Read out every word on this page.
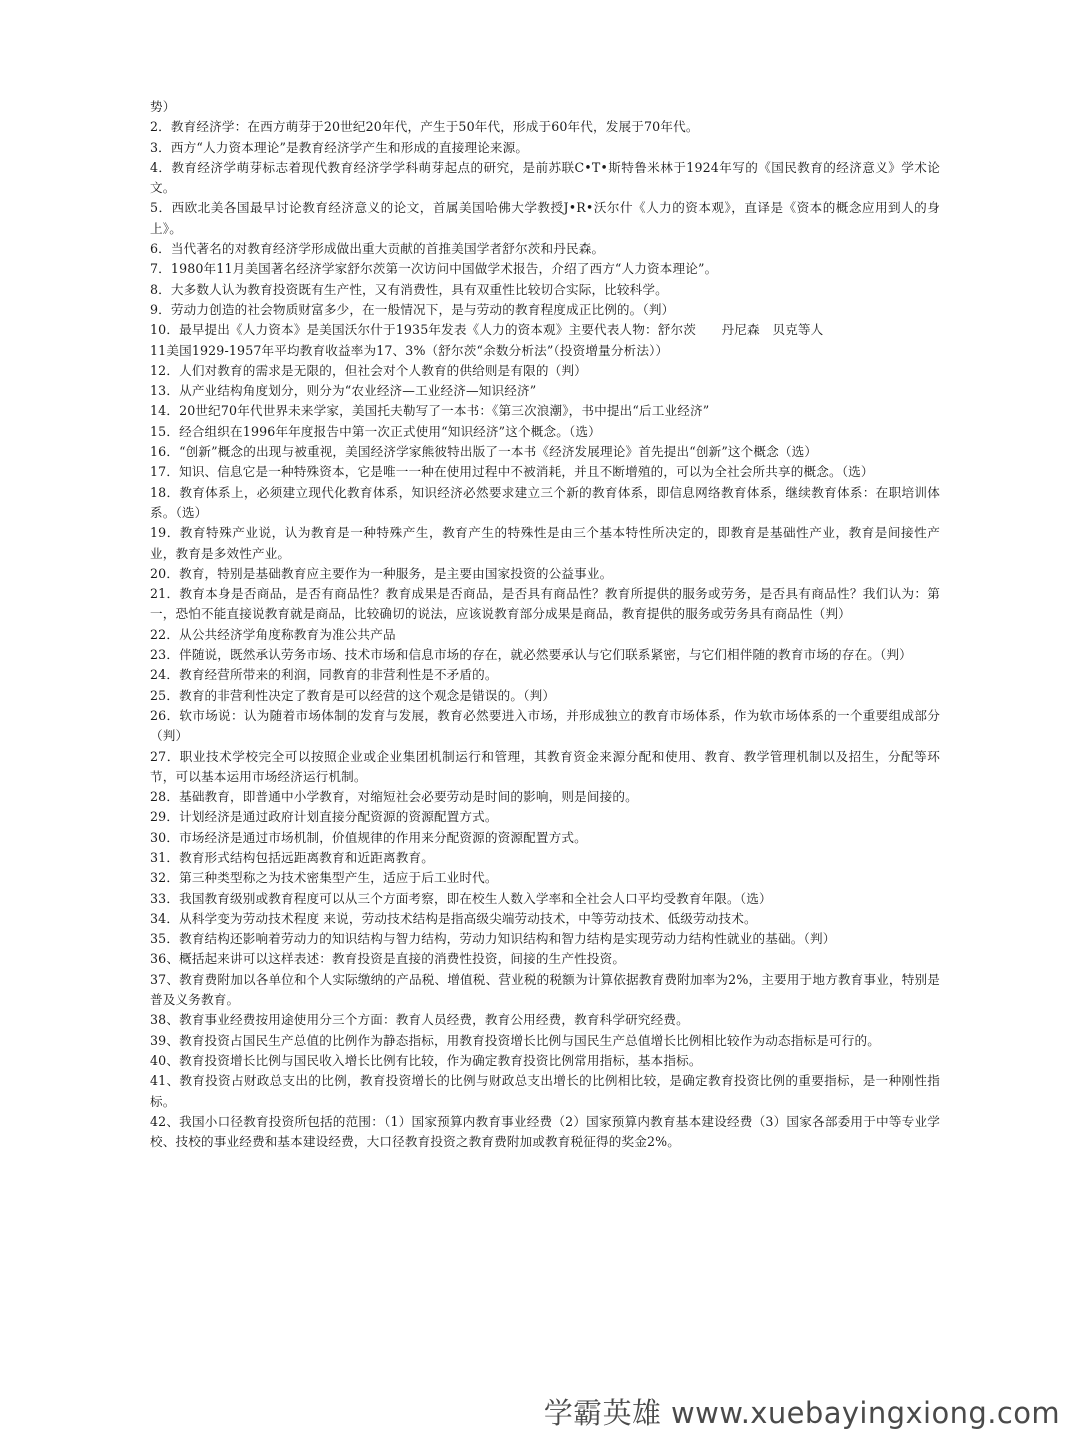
势）
2．教育经济学：在西方萌芽于20世纪20年代，产生于50年代，形成于60年代，发展于70年代。
3．西方“人力资本理论”是教育经济学产生和形成的直接理论来源。
4．教育经济学萌芽标志着现代教育经济学学科萌芽起点的研究，是前苏联C•T•斯特鲁米林于1924年写的《国民教育的经济意义》学术论文。
5．西欧北美各国最早讨论教育经济意义的论文，首属美国哈佛大学教授J•R•沃尔什《人力的资本观》，直译是《资本的概念应用到人的身上》。
6．当代著名的对教育经济学形成做出重大贡献的首推美国学者舒尔茨和丹民森。
7．1980年11月美国著名经济学家舒尔茨第一次访问中国做学术报告，介绍了西方“人力资本理论”。
8．大多数人认为教育投资既有生产性，又有消费性，具有双重性比较切合实际，比较科学。
9．劳动力创造的社会物质财富多少，在一般情况下，是与劳动的教育程度成正比例的。（判）
10．最早提出《人力资本》是美国沃尔什于1935年发表《人力的资本观》主要代表人物：舒尔茨　　丹尼森　贝克等人
11美国1929-1957年平均教育收益率为17、3%（舒尔茨“余数分析法”（投资增量分析法））
12．人们对教育的需求是无限的，但社会对个人教育的供给则是有限的（判）
13．从产业结构角度划分，则分为“农业经济—工业经济—知识经济”
14．20世纪70年代世界未来学家，美国托夫勒写了一本书：《第三次浪潮》，书中提出“后工业经济”
15．经合组织在1996年年度报告中第一次正式使用“知识经济”这个概念。（选）
16．“创新”概念的出现与被重视，美国经济学家熊彼特出版了一本书《经济发展理论》首先提出“创新”这个概念（选）
17．知识、信息它是一种特殊资本，它是唯一一种在使用过程中不被消耗，并且不断增殖的，可以为全社会所共享的概念。（选）
18．教育体系上，必须建立现代化教育体系，知识经济必然要求建立三个新的教育体系，即信息网络教育体系，继续教育体系：在职培训体系。（选）
19．教育特殊产业说，认为教育是一种特殊产生，教育产生的特殊性是由三个基本特性所决定的，即教育是基础性产业，教育是间接性产业，教育是多效性产业。
20．教育，特别是基础教育应主要作为一种服务，是主要由国家投资的公益事业。
21．教育本身是否商品，是否有商品性？教育成果是否商品，是否具有商品性？教育所提供的服务或劳务，是否具有商品性？我们认为：第一，恐怕不能直接说教育就是商品，比较确切的说法，应该说教育部分成果是商品，教育提供的服务或劳务具有商品性（判）
22．从公共经济学角度称教育为准公共产品
23．伴随说，既然承认劳务市场、技术市场和信息市场的存在，就必然要承认与它们联系紧密，与它们相伴随的教育市场的存在。（判）
24．教育经营所带来的利润，同教育的非营利性是不矛盾的。
25．教育的非营利性决定了教育是可以经营的这个观念是错误的。（判）
26．软市场说：认为随着市场体制的发育与发展，教育必然要进入市场，并形成独立的教育市场体系，作为软市场体系的一个重要组成部分（判）
27．职业技术学校完全可以按照企业或企业集团机制运行和管理，其教育资金来源分配和使用、教育、教学管理机制以及招生，分配等环节，可以基本运用市场经济运行机制。
28．基础教育，即普通中小学教育，对缩短社会必要劳动是时间的影响，则是间接的。
29．计划经济是通过政府计划直接分配资源的资源配置方式。
30．市场经济是通过市场机制，价值规律的作用来分配资源的资源配置方式。
31．教育形式结构包括远距离教育和近距离教育。
32．第三种类型称之为技术密集型产生，适应于后工业时代。
33．我国教育级别或教育程度可以从三个方面考察，即在校生人数入学率和全社会人口平均受教育年限。（选）
34．从科学变为劳动技术程度 来说，劳动技术结构是指高级尖端劳动技术，中等劳动技术、低级劳动技术。
35．教育结构还影响着劳动力的知识结构与智力结构，劳动力知识结构和智力结构是实现劳动力结构性就业的基础。（判）
36、概括起来讲可以这样表述：教育投资是直接的消费性投资，间接的生产性投资。
37、教育费附加以各单位和个人实际缴纳的产品税、增值税、营业税的税额为计算依据教育费附加率为2%，主要用于地方教育事业，特别是普及义务教育。
38、教育事业经费按用途使用分三个方面：教育人员经费，教育公用经费，教育科学研究经费。
39、教育投资占国民生产总值的比例作为静态指标，用教育投资增长比例与国民生产总值增长比例相比较作为动态指标是可行的。
40、教育投资增长比例与国民收入增长比例有比较，作为确定教育投资比例常用指标，基本指标。
41、教育投资占财政总支出的比例，教育投资增长的比例与财政总支出增长的比例相比较，是确定教育投资比例的重要指标，是一种刚性指标。
42、我国小口径教育投资所包括的范围：（1）国家预算内教育事业经费（2）国家预算内教育基本建设经费（3）国家各部委用于中等专业学校、技校的事业经费和基本建设经费，大口径教育投资之教育费附加或教育税征得的奖金2%。
学霸英雄 www.xuebayingxiong.com
